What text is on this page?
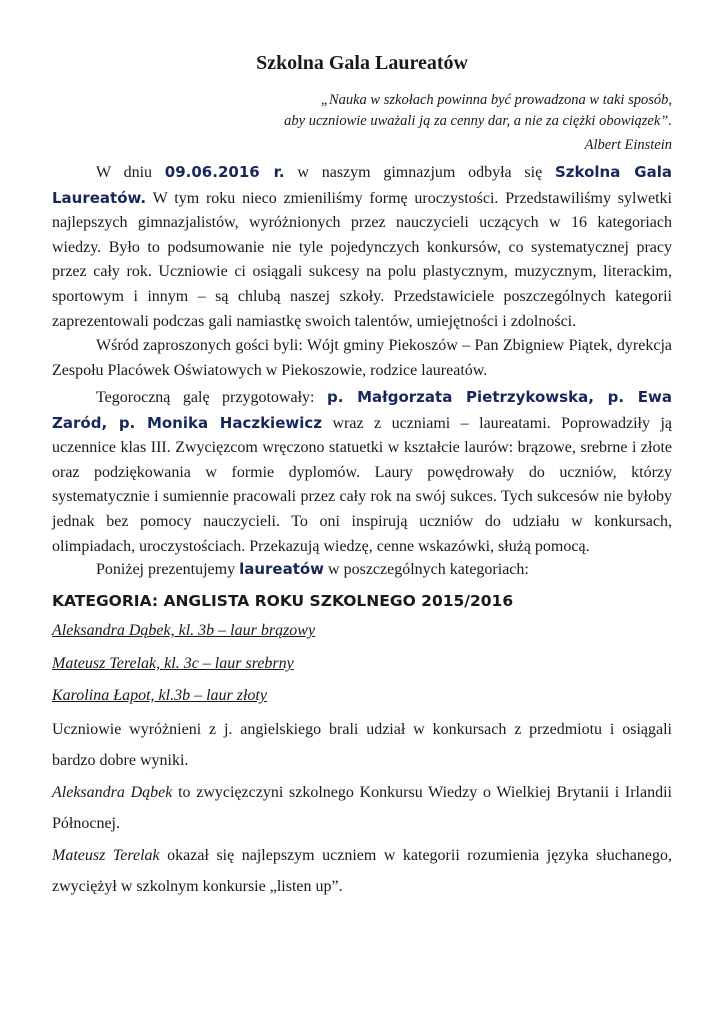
Szkolna Gala Laureatów
„Nauka w szkołach powinna być prowadzona w taki sposób,
aby uczniowie uważali ją za cenny dar, a nie za ciężki obowiązek”.
Albert Einstein

W dniu 09.06.2016 r. w naszym gimnazjum odbyła się Szkolna Gala Laureatów. W tym roku nieco zmieniliśmy formę uroczystości. Przedstawiliśmy sylwetki najlepszych gimnazjalistów, wyróżnionych przez nauczycieli uczących w 16 kategoriach wiedzy. Było to podsumowanie nie tyle pojedynczych konkursów, co systematycznej pracy przez cały rok. Uczniowie ci osiągali sukcesy na polu plastycznym, muzycznym, literackim, sportowym i innym – są chlubą naszej szkoły. Przedstawiciele poszczególnych kategorii zaprezentowali podczas gali namiastkę swoich talentów, umiejętności i zdolności.

Wśród zaproszonych gości byli: Wójt gminy Piekoszów – Pan Zbigniew Piątek, dyrekcja Zespołu Placówek Oświatowych w Piekoszowie, rodzice laureatów.

Tegoroczną galę przygotowały: p. Małgorzata Pietrzykowska, p. Ewa Zaród, p. Monika Haczkiewicz wraz z uczniami – laureatami. Poprowadziły ją uczennice klas III. Zwycięzcom wręczono statuetki w kształcie laurów: brązowe, srebrne i złote oraz podziękowania w formie dyplomów. Laury powędrowały do uczniów, którzy systematycznie i sumiennie pracowali przez cały rok na swój sukces. Tych sukcesów nie byłoby jednak bez pomocy nauczycieli. To oni inspirują uczniów do udziału w konkursach, olimpiadach, uroczystościach. Przekazują wiedzę, cenne wskazówki, służą pomocą.

Poniżej prezentujemy laureatów w poszczególnych kategoriach:

KATEGORIA: ANGLISTA ROKU SZKOLNEGO 2015/2016
Aleksandra Dąbek, kl. 3b – laur brązowy
Mateusz Terelak, kl. 3c – laur srebrny
Karolina Łapot, kl.3b – laur złoty

Uczniowie wyróżnieni z j. angielskiego brali udział w konkursach z przedmiotu i osiągali bardzo dobre wyniki.

Aleksandra Dąbek to zwycięzczyni szkolnego Konkursu Wiedzy o Wielkiej Brytanii i Irlandii Północnej.

Mateusz Terelak okazał się najlepszym uczniem w kategorii rozumienia języka słuchanego, zwyciężył w szkolnym konkursie „listen up”.
